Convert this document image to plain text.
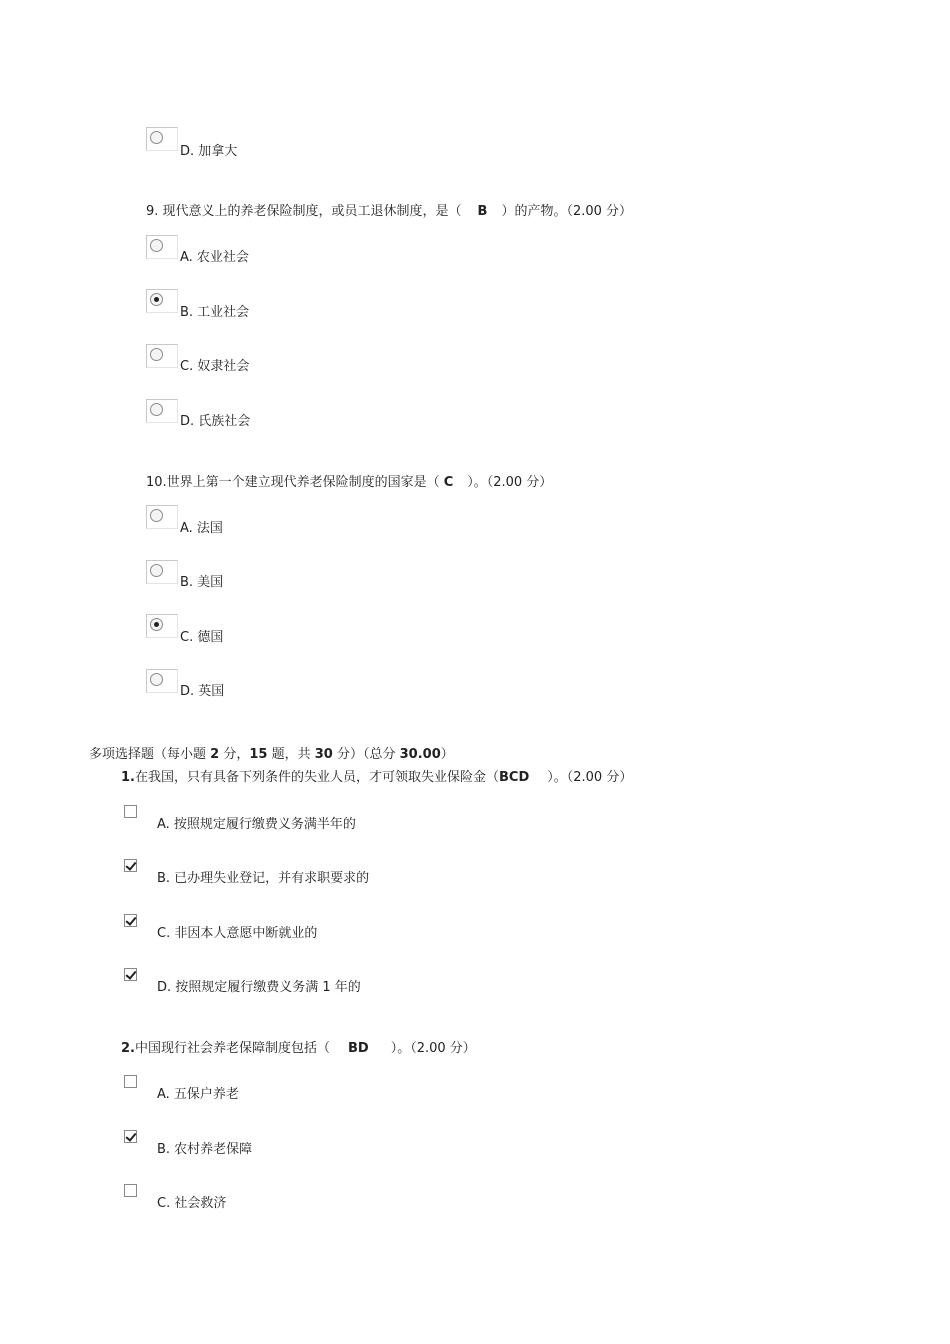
D. 加拿大
9. 现代意义上的养老保险制度，或员工退休制度，是（ B ）的产物。（2.00 分）
A. 农业社会
B. 工业社会
C. 奴隶社会
D. 氏族社会
10.世界上第一个建立现代养老保险制度的国家是（ C ）。（2.00 分）
A. 法国
B. 美国
C. 德国
D. 英国
多项选择题（每小题 2 分，15 题，共 30 分）（总分 30.00）
1.在我国，只有具备下列条件的失业人员，才可领取失业保险金（BCD ）。（2.00 分）
A. 按照规定履行缴费义务满半年的
B. 已办理失业登记，并有求职要求的
C. 非因本人意愿中断就业的
D. 按照规定履行缴费义务满 1 年的
2.中国现行社会养老保障制度包括（ BD ）。（2.00 分）
A. 五保户养老
B. 农村养老保障
C. 社会救济
